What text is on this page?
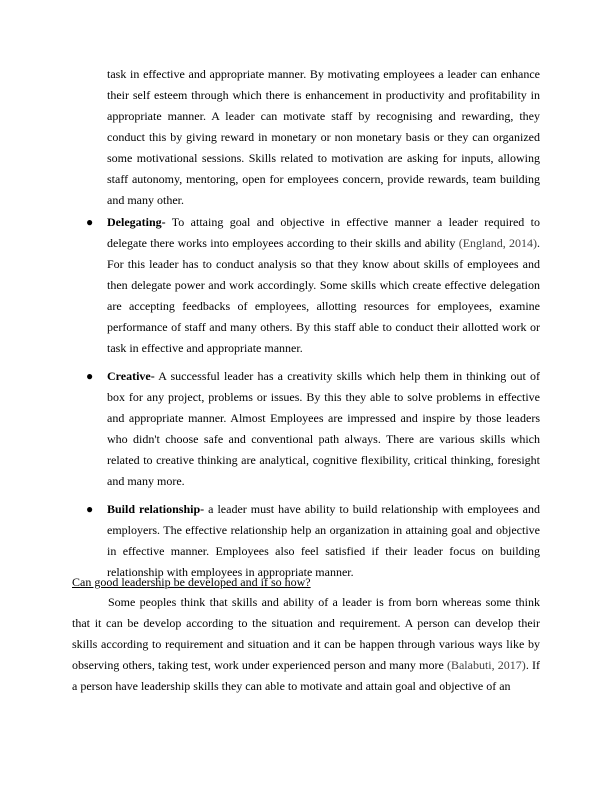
task in effective and appropriate manner. By motivating employees a leader can enhance their self esteem through which there is enhancement in productivity and profitability in appropriate manner. A leader can motivate staff by recognising and rewarding, they conduct this by giving reward in monetary or non monetary basis or they can organized some motivational sessions. Skills related to motivation are asking for inputs, allowing staff autonomy, mentoring, open for employees concern, provide rewards, team building and many other.

● Delegating- To attaing goal and objective in effective manner a leader required to delegate there works into employees according to their skills and ability (England, 2014). For this leader has to conduct analysis so that they know about skills of employees and then delegate power and work accordingly. Some skills which create effective delegation are accepting feedbacks of employees, allotting resources for employees, examine performance of staff and many others. By this staff able to conduct their allotted work or task in effective and appropriate manner.
● Creative- A successful leader has a creativity skills which help them in thinking out of box for any project, problems or issues. By this they able to solve problems in effective and appropriate manner. Almost Employees are impressed and inspire by those leaders who didn't choose safe and conventional path always. There are various skills which related to creative thinking are analytical, cognitive flexibility, critical thinking, foresight and many more.
● Build relationship- a leader must have ability to build relationship with employees and employers. The effective relationship help an organization in attaining goal and objective in effective manner. Employees also feel satisfied if their leader focus on building relationship with employees in appropriate manner.

Can good leadership be developed and if so how?

Some peoples think that skills and ability of a leader is from born whereas some think that it can be develop according to the situation and requirement. A person can develop their skills according to requirement and situation and it can be happen through various ways like by observing others, taking test, work under experienced person and many more (Balabuti, 2017). If a person have leadership skills they can able to motivate and attain goal and objective of an
